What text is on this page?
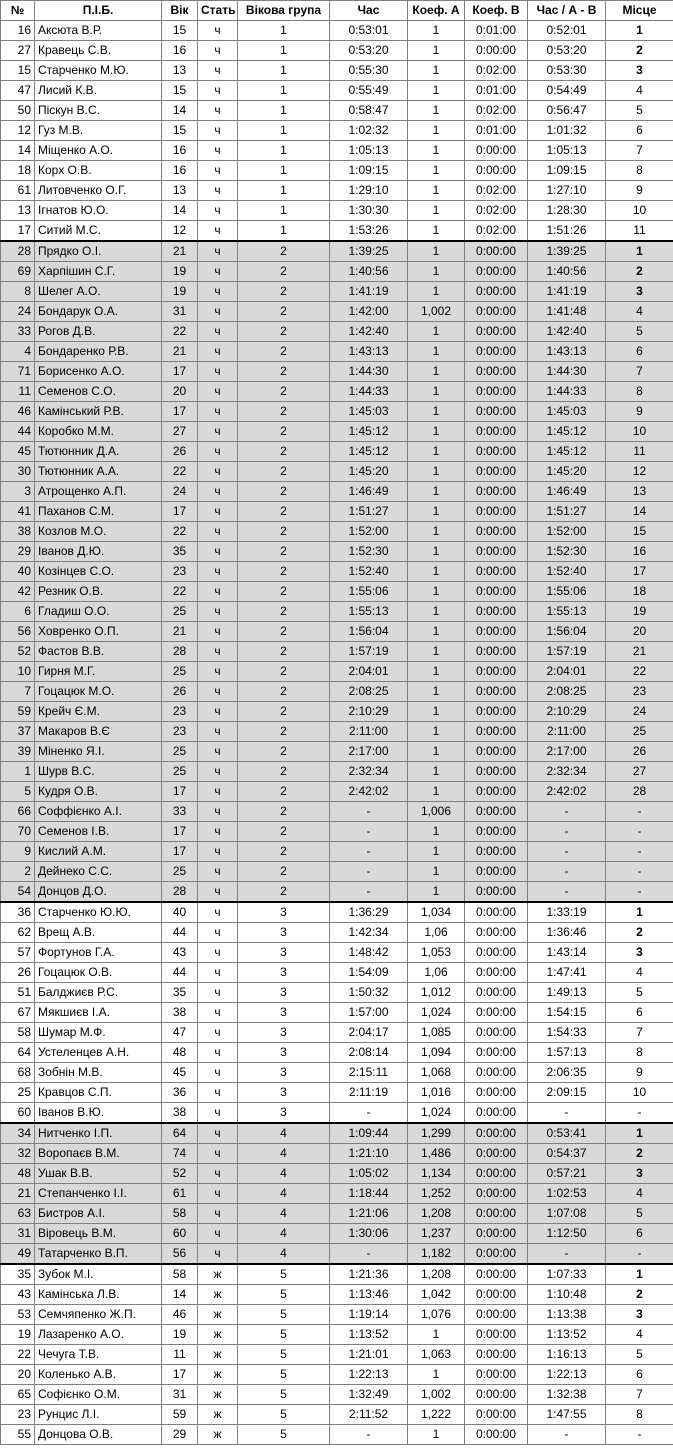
№	П.І.Б.	Вік	Стать	Вікова група	Час	Коеф. А	Коеф. В	Час / А - В	Місце
16	Аксюта В.Р.	15	ч	1	0:53:01	1	0:01:00	0:52:01	1
27	Кравець С.В.	16	ч	1	0:53:20	1	0:00:00	0:53:20	2
15	Старченко М.Ю.	13	ч	1	0:55:30	1	0:02:00	0:53:30	3
47	Лисий К.В.	15	ч	1	0:55:49	1	0:01:00	0:54:49	4
50	Піскун В.С.	14	ч	1	0:58:47	1	0:02:00	0:56:47	5
12	Гуз М.В.	15	ч	1	1:02:32	1	0:01:00	1:01:32	6
14	Міщенко А.О.	16	ч	1	1:05:13	1	0:00:00	1:05:13	7
18	Корх О.В.	16	ч	1	1:09:15	1	0:00:00	1:09:15	8
61	Литовченко О.Г.	13	ч	1	1:29:10	1	0:02:00	1:27:10	9
13	Ігнатов Ю.О.	14	ч	1	1:30:30	1	0:02:00	1:28:30	10
17	Ситий М.С.	12	ч	1	1:53:26	1	0:02:00	1:51:26	11
28	Прядко О.І.	21	ч	2	1:39:25	1	0:00:00	1:39:25	1
69	Харпішин С.Г.	19	ч	2	1:40:56	1	0:00:00	1:40:56	2
8	Шелег А.О.	19	ч	2	1:41:19	1	0:00:00	1:41:19	3
24	Бондарук О.А.	31	ч	2	1:42:00	1,002	0:00:00	1:41:48	4
33	Рогов Д.В.	22	ч	2	1:42:40	1	0:00:00	1:42:40	5
4	Бондаренко Р.В.	21	ч	2	1:43:13	1	0:00:00	1:43:13	6
71	Борисенко А.О.	17	ч	2	1:44:30	1	0:00:00	1:44:30	7
11	Семенов С.О.	20	ч	2	1:44:33	1	0:00:00	1:44:33	8
46	Камінський Р.В.	17	ч	2	1:45:03	1	0:00:00	1:45:03	9
44	Коробко М.М.	27	ч	2	1:45:12	1	0:00:00	1:45:12	10
45	Тютюнник Д.А.	26	ч	2	1:45:12	1	0:00:00	1:45:12	11
30	Тютюнник А.А.	22	ч	2	1:45:20	1	0:00:00	1:45:20	12
3	Атрощенко А.П.	24	ч	2	1:46:49	1	0:00:00	1:46:49	13
41	Паханов С.М.	17	ч	2	1:51:27	1	0:00:00	1:51:27	14
38	Козлов М.О.	22	ч	2	1:52:00	1	0:00:00	1:52:00	15
29	Іванов Д.Ю.	35	ч	2	1:52:30	1	0:00:00	1:52:30	16
40	Козінцев С.О.	23	ч	2	1:52:40	1	0:00:00	1:52:40	17
42	Резник О.В.	22	ч	2	1:55:06	1	0:00:00	1:55:06	18
6	Гладиш О.О.	25	ч	2	1:55:13	1	0:00:00	1:55:13	19
56	Ховренко О.П.	21	ч	2	1:56:04	1	0:00:00	1:56:04	20
52	Фастов В.В.	28	ч	2	1:57:19	1	0:00:00	1:57:19	21
10	Гирня М.Г.	25	ч	2	2:04:01	1	0:00:00	2:04:01	22
7	Гоцацюк М.О.	26	ч	2	2:08:25	1	0:00:00	2:08:25	23
59	Крейч Є.М.	23	ч	2	2:10:29	1	0:00:00	2:10:29	24
37	Макаров В.Є	23	ч	2	2:11:00	1	0:00:00	2:11:00	25
39	Міненко Я.І.	25	ч	2	2:17:00	1	0:00:00	2:17:00	26
1	Шурв В.С.	25	ч	2	2:32:34	1	0:00:00	2:32:34	27
5	Кудря О.В.	17	ч	2	2:42:02	1	0:00:00	2:42:02	28
66	Соффієнко А.І.	33	ч	2	-	1,006	0:00:00	-	-
70	Семенов І.В.	17	ч	2	-	1	0:00:00	-	-
9	Кислий А.М.	17	ч	2	-	1	0:00:00	-	-
2	Дейнеко С.С.	25	ч	2	-	1	0:00:00	-	-
54	Донцов Д.О.	28	ч	2	-	1	0:00:00	-	-
36	Старченко Ю.Ю.	40	ч	3	1:36:29	1,034	0:00:00	1:33:19	1
62	Врещ А.В.	44	ч	3	1:42:34	1,06	0:00:00	1:36:46	2
57	Фортунов Г.А.	43	ч	3	1:48:42	1,053	0:00:00	1:43:14	3
26	Гоцацюк О.В.	44	ч	3	1:54:09	1,06	0:00:00	1:47:41	4
51	Балджиєв Р.С.	35	ч	3	1:50:32	1,012	0:00:00	1:49:13	5
67	Мякшиєв І.А.	38	ч	3	1:57:00	1,024	0:00:00	1:54:15	6
58	Шумар М.Ф.	47	ч	3	2:04:17	1,085	0:00:00	1:54:33	7
64	Устеленцев А.Н.	48	ч	3	2:08:14	1,094	0:00:00	1:57:13	8
68	Зобнін М.В.	45	ч	3	2:15:11	1,068	0:00:00	2:06:35	9
25	Кравцов С.П.	36	ч	3	2:11:19	1,016	0:00:00	2:09:15	10
60	Іванов В.Ю.	38	ч	3	-	1,024	0:00:00	-	-
34	Нитченко І.П.	64	ч	4	1:09:44	1,299	0:00:00	0:53:41	1
32	Воропаєв В.М.	74	ч	4	1:21:10	1,486	0:00:00	0:54:37	2
48	Ушак В.В.	52	ч	4	1:05:02	1,134	0:00:00	0:57:21	3
21	Степанченко І.І.	61	ч	4	1:18:44	1,252	0:00:00	1:02:53	4
63	Бистров А.І.	58	ч	4	1:21:06	1,208	0:00:00	1:07:08	5
31	Віровець В.М.	60	ч	4	1:30:06	1,237	0:00:00	1:12:50	6
49	Татарченко В.П.	56	ч	4	-	1,182	0:00:00	-	-
35	Зубок М.І.	58	ж	5	1:21:36	1,208	0:00:00	1:07:33	1
43	Камінська Л.В.	14	ж	5	1:13:46	1,042	0:00:00	1:10:48	2
53	Семчяпенко Ж.П.	46	ж	5	1:19:14	1,076	0:00:00	1:13:38	3
19	Лазаренко А.О.	19	ж	5	1:13:52	1	0:00:00	1:13:52	4
22	Чечуга Т.В.	11	ж	5	1:21:01	1,063	0:00:00	1:16:13	5
20	Коленько А.В.	17	ж	5	1:22:13	1	0:00:00	1:22:13	6
65	Софієнко О.М.	31	ж	5	1:32:49	1,002	0:00:00	1:32:38	7
23	Рунцис Л.І.	59	ж	5	2:11:52	1,222	0:00:00	1:47:55	8
55	Донцова О.В.	29	ж	5	-	1	0:00:00	-	-
